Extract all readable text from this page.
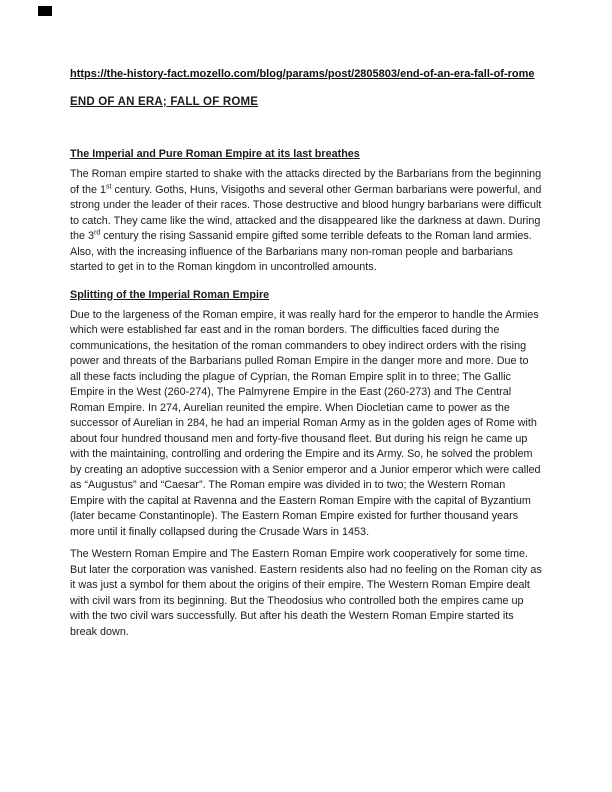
https://the-history-fact.mozello.com/blog/params/post/2805803/end-of-an-era-fall-of-rome
END OF AN ERA; FALL OF ROME
The Imperial and Pure Roman Empire at its last breathes

The Roman empire started to shake with the attacks directed by the Barbarians from the beginning of the 1st century. Goths, Huns, Visigoths and several other German barbarians were powerful, and strong under the leader of their races. Those destructive and blood hungry barbarians were difficult to catch. They came like the wind, attacked and the disappeared like the darkness at dawn. During the 3rd century the rising Sassanid empire gifted some terrible defeats to the Roman land armies. Also, with the increasing influence of the Barbarians many non-roman people and barbarians started to get in to the Roman kingdom in uncontrolled amounts.

Splitting of the Imperial Roman Empire

Due to the largeness of the Roman empire, it was really hard for the emperor to handle the Armies which were established far east and in the roman borders. The difficulties faced during the communications, the hesitation of the roman commanders to obey indirect orders with the rising power and threats of the Barbarians pulled Roman Empire in the danger more and more. Due to all these facts including the plague of Cyprian, the Roman Empire split in to three; The Gallic Empire in the West (260-274), The Palmyrene Empire in the East (260-273) and The Central Roman Empire. In 274, Aurelian reunited the empire. When Diocletian came to power as the successor of Aurelian in 284, he had an imperial Roman Army as in the golden ages of Rome with about four hundred thousand men and forty-five thousand fleet. But during his reign he came up with the maintaining, controlling and ordering the Empire and its Army. So, he solved the problem by creating an adoptive succession with a Senior emperor and a Junior emperor which were called as “Augustus” and “Caesar”. The Roman empire was divided in to two; the Western Roman Empire with the capital at Ravenna and the Eastern Roman Empire with the capital of Byzantium (later became Constantinople). The Eastern Roman Empire existed for further thousand years more until it finally collapsed during the Crusade Wars in 1453.

The Western Roman Empire and The Eastern Roman Empire work cooperatively for some time. But later the corporation was vanished. Eastern residents also had no feeling on the Roman city as it was just a symbol for them about the origins of their empire. The Western Roman Empire dealt with civil wars from its beginning. But the Theodosius who controlled both the empires came up with the two civil wars successfully. But after his death the Western Roman Empire started its break down.
